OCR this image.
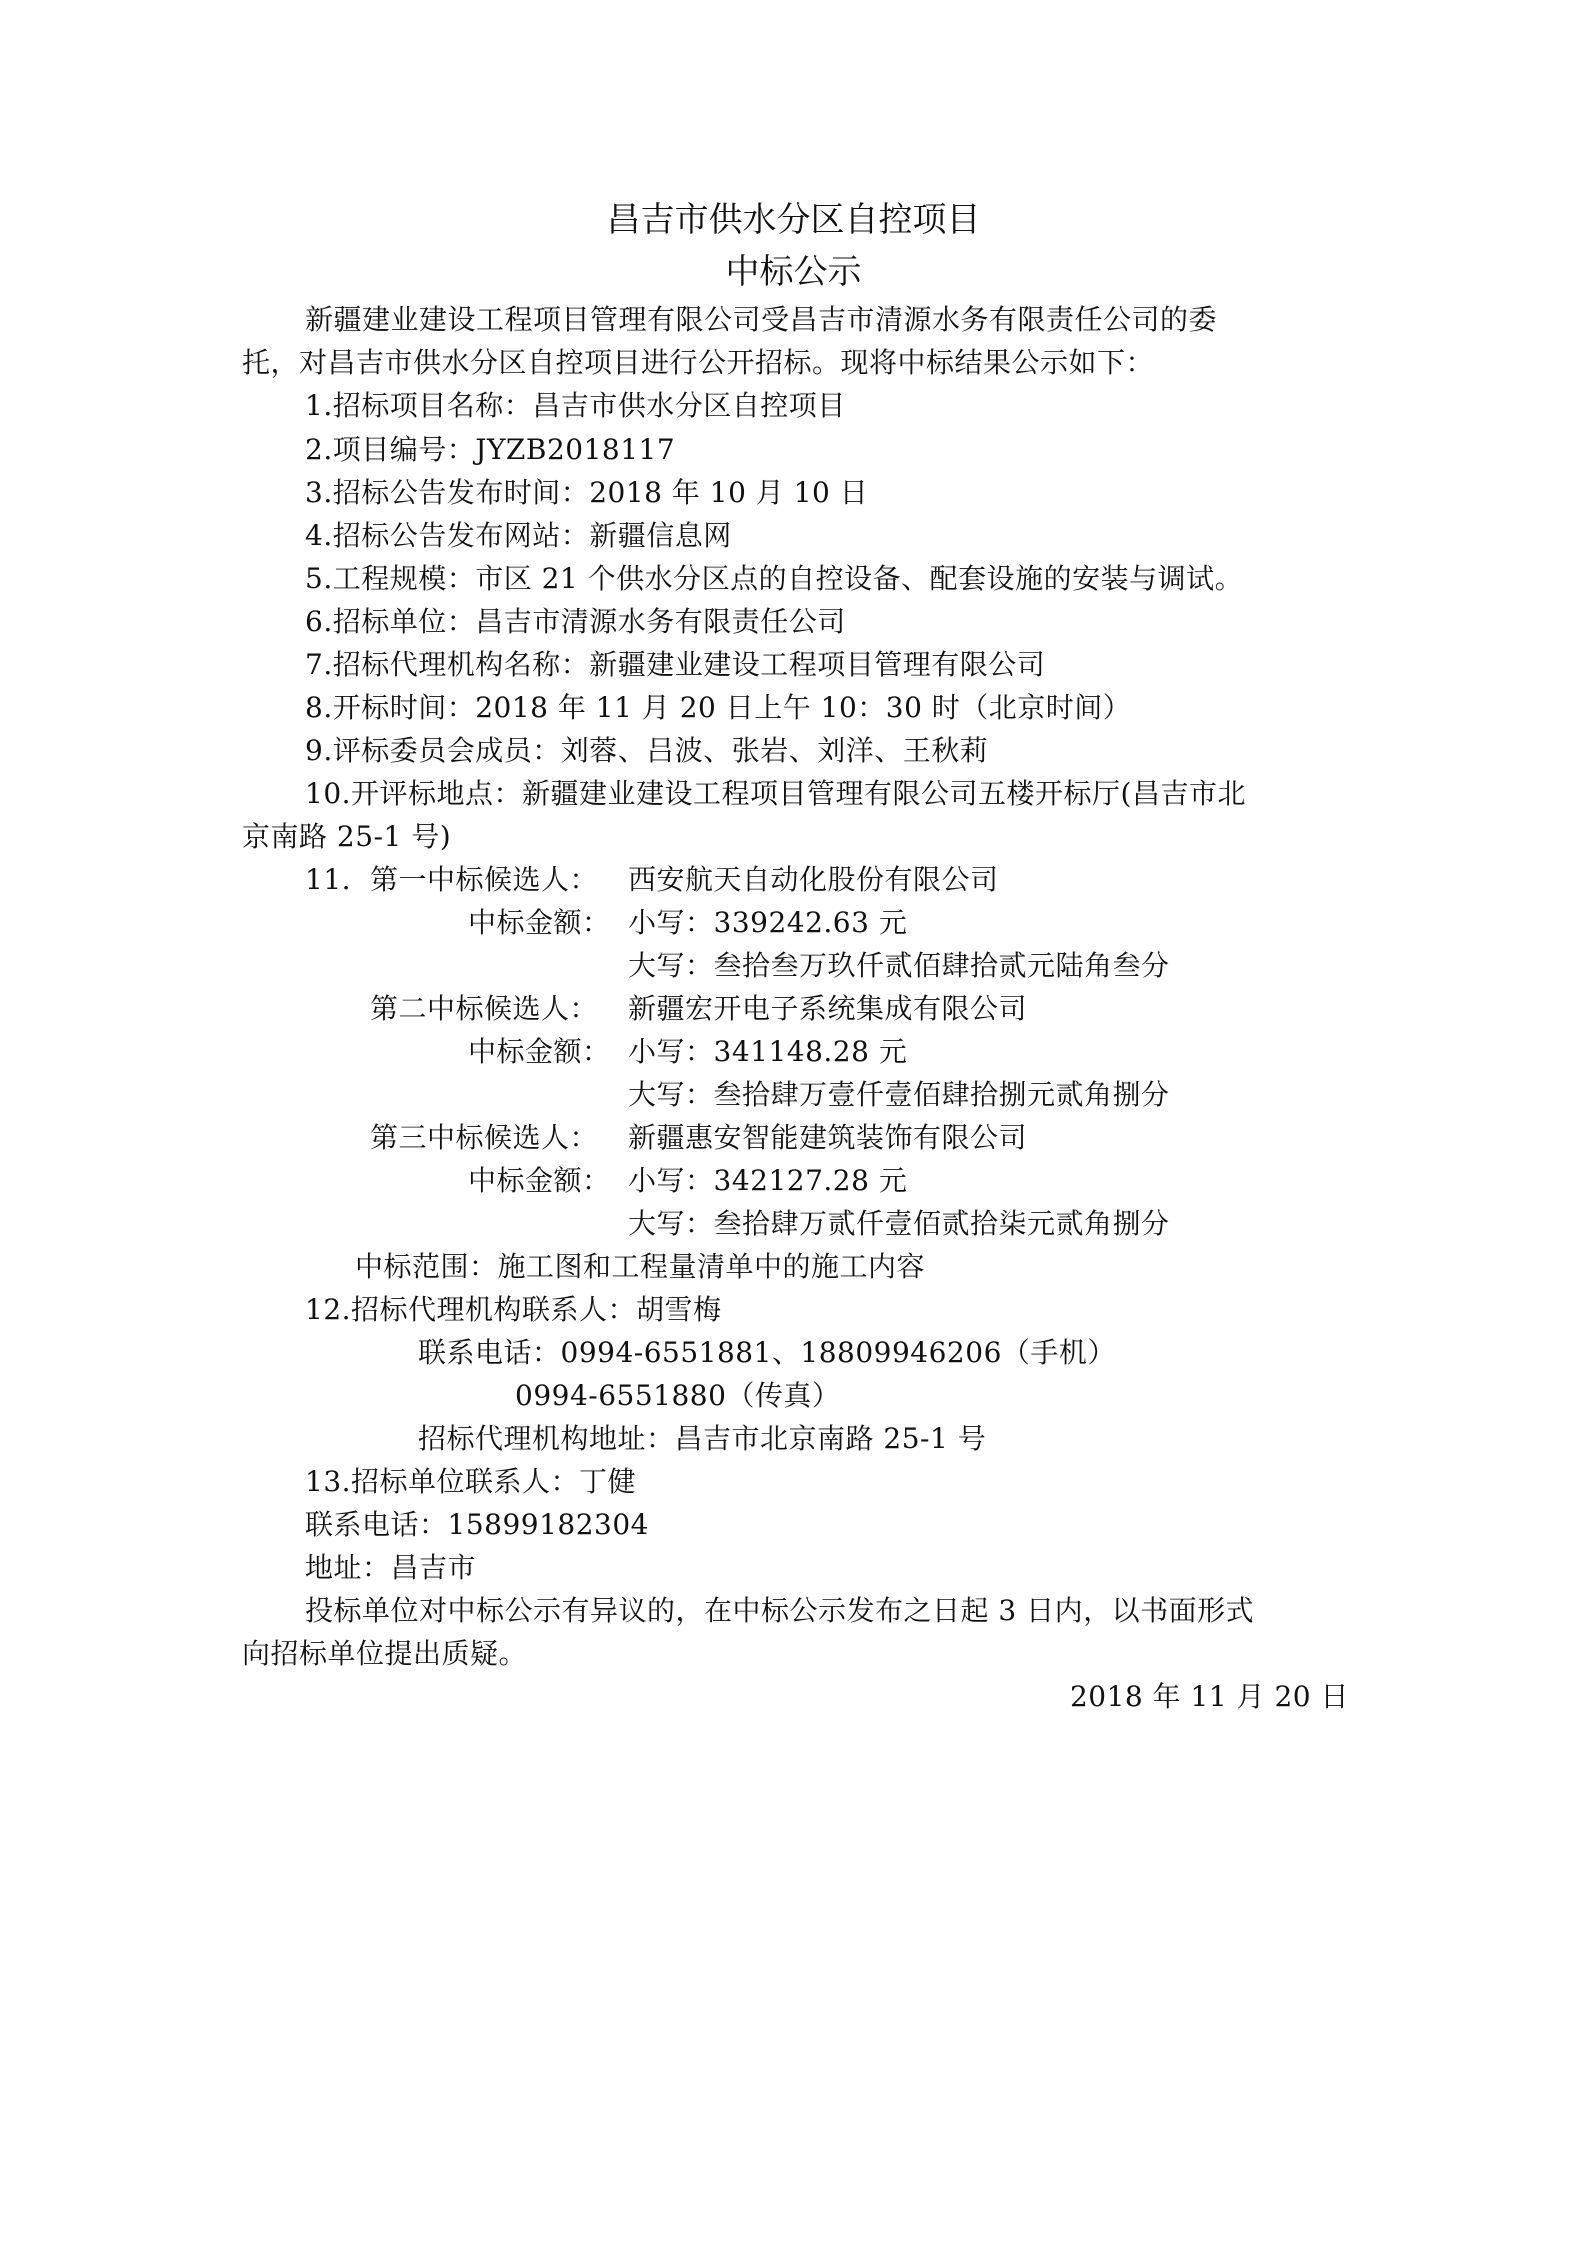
昌吉市供水分区自控项目
中标公示
新疆建业建设工程项目管理有限公司受昌吉市清源水务有限责任公司的委
托，对昌吉市供水分区自控项目进行公开招标。现将中标结果公示如下：
1.招标项目名称：昌吉市供水分区自控项目
2.项目编号：JYZB2018117
3.招标公告发布时间：2018 年 10 月 10 日
4.招标公告发布网站：新疆信息网
5.工程规模：市区 21 个供水分区点的自控设备、配套设施的安装与调试。
6.招标单位：昌吉市清源水务有限责任公司
7.招标代理机构名称：新疆建业建设工程项目管理有限公司
8.开标时间：2018 年 11 月 20 日上午 10：30 时（北京时间）
9.评标委员会成员：刘蓉、吕波、张岩、刘洋、王秋莉
10.开评标地点：新疆建业建设工程项目管理有限公司五楼开标厅(昌吉市北
京南路 25-1 号)
11. 第一中标候选人： 西安航天自动化股份有限公司
中标金额： 小写：339242.63 元
大写：叁拾叁万玖仟贰佰肆拾贰元陆角叁分
第二中标候选人： 新疆宏开电子系统集成有限公司
中标金额： 小写：341148.28 元
大写：叁拾肆万壹仟壹佰肆拾捌元贰角捌分
第三中标候选人： 新疆惠安智能建筑装饰有限公司
中标金额： 小写：342127.28 元
大写：叁拾肆万贰仟壹佰贰拾柒元贰角捌分
中标范围：施工图和工程量清单中的施工内容
12.招标代理机构联系人：胡雪梅
联系电话：0994-6551881、18809946206（手机）
0994-6551880（传真）
招标代理机构地址：昌吉市北京南路 25-1 号
13.招标单位联系人：丁健
联系电话：15899182304
地址：昌吉市
投标单位对中标公示有异议的，在中标公示发布之日起 3 日内，以书面形式
向招标单位提出质疑。
2018 年 11 月 20 日
